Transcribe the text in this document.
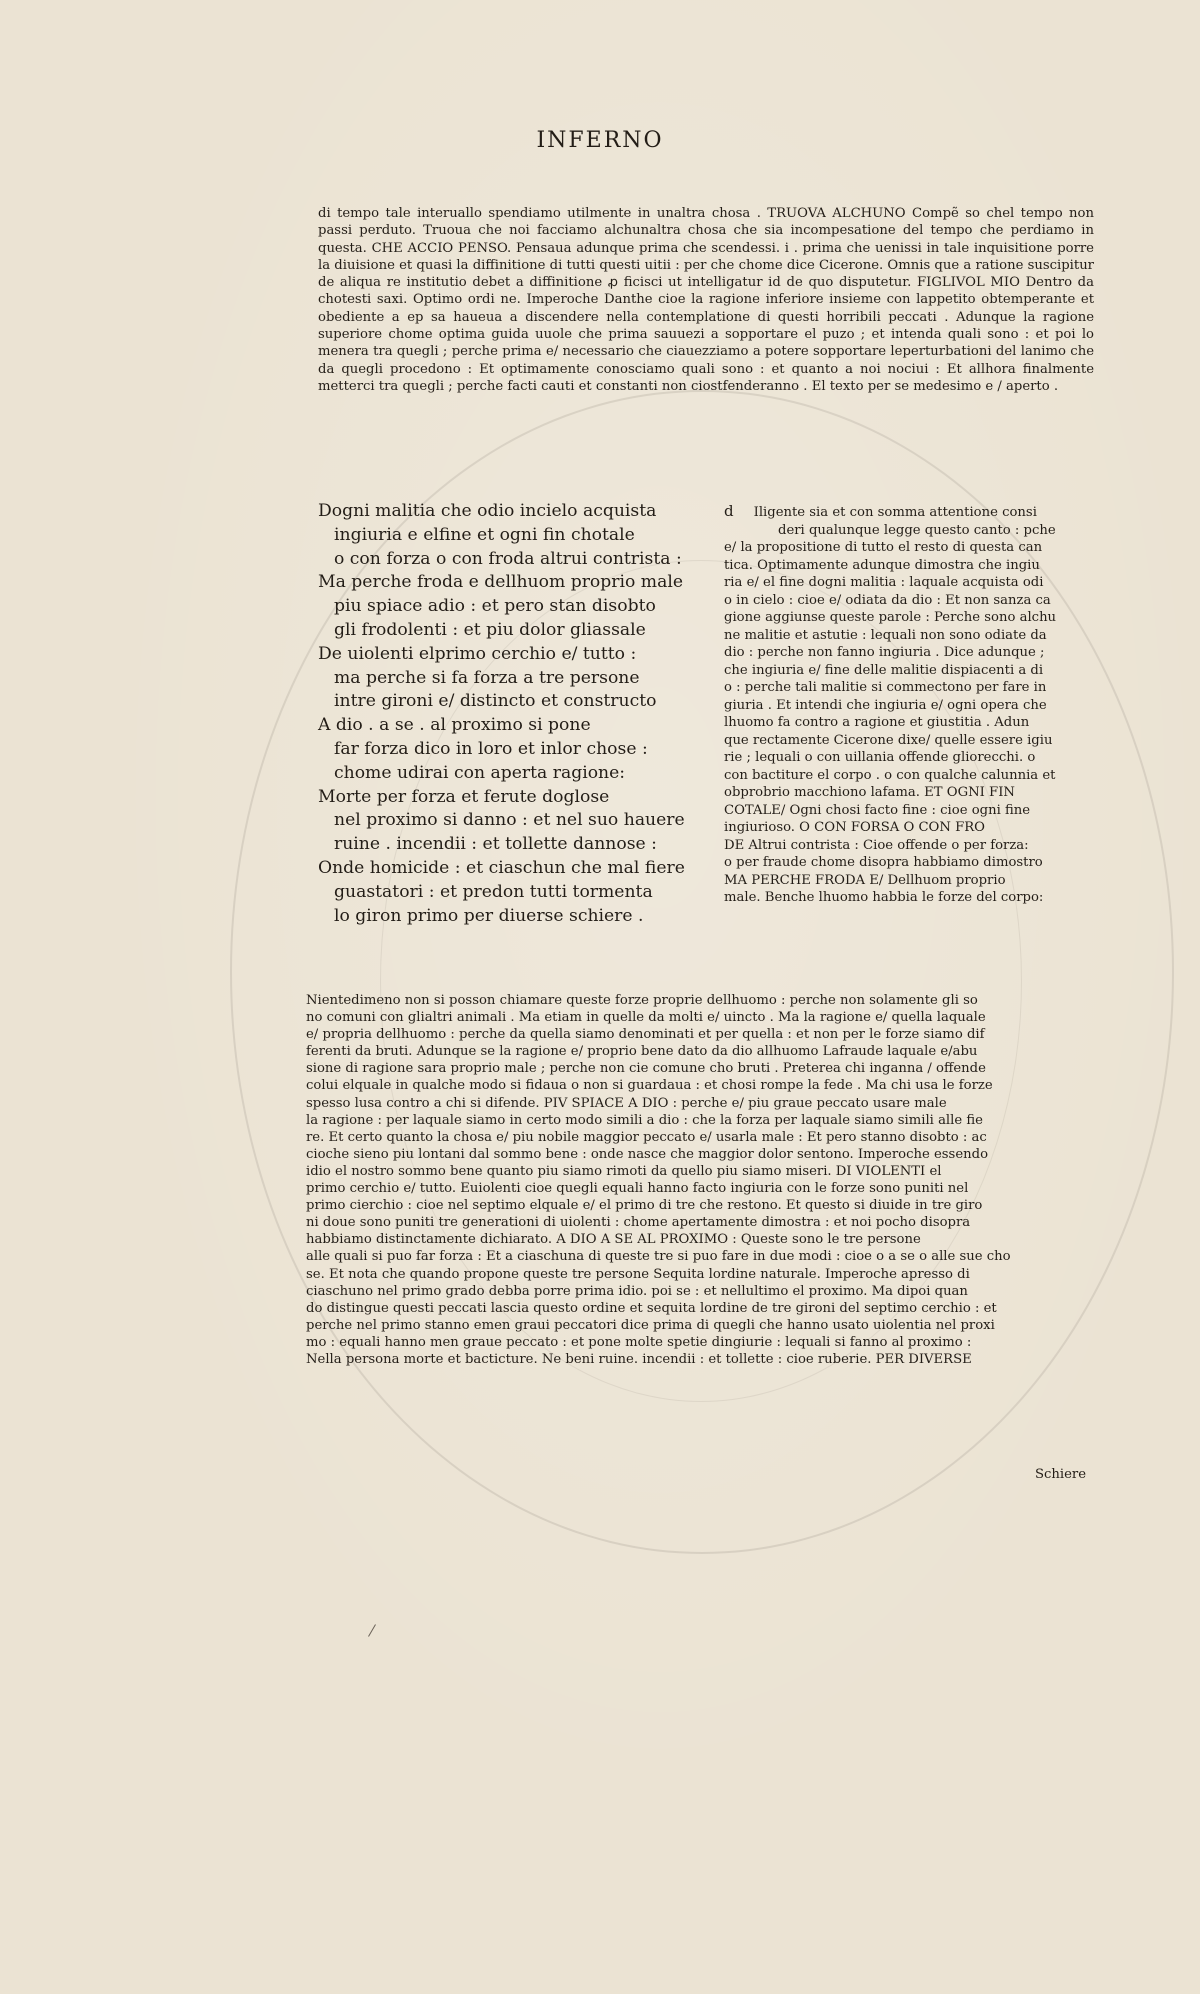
INFERNO
di tempo tale interuallo spendiamo utilmente in unaltra chosa . TRUOVA ALCHUNO Compẽ so chel tempo non passi perduto. Truoua che noi facciamo alchunaltra chosa che sia incompesatione del tempo che perdiamo in questa. CHE ACCIO PENSO. Pensaua adunque prima che scendessi. i . prima che uenissi in tale inquisitione porre la diuisione et quasi la diffinitione di tutti questi uitii : per che chome dice Cicerone. Omnis que a ratione suscipitur de aliqua re institutio debet a diffinitione ꝓ ficisci ut intelligatur id de quo disputetur. FIGLIVOL MIO Dentro da chotesti saxi. Optimo ordi ne. Imperoche Danthe cioe la ragione inferiore insieme con lappetito obtemperante et obediente a ep sa haueua a discendere nella contemplatione di questi horribili peccati . Adunque la ragione superiore chome optima guida uuole che prima sauuezi a sopportare el puzo ; et intenda quali sono : et poi lo menera tra quegli ; perche prima e/ necessario che ciauezziamo a potere sopportare leperturbationi del lanimo che da quegli procedono : Et optimamente conosciamo quali sono : et quanto a noi nociui : Et allhora finalmente metterci tra quegli ; perche facti cauti et constanti non ciostfenderanno . El texto per se medesimo e / aperto .
Dogni malitia che odio incielo acquista
ingiuria e elfine et ogni fin chotale
o con forza o con froda altrui contrista :
Ma perche froda e dellhuom proprio male
piu spiace adio : et pero stan disobto
gli frodolenti : et piu dolor gliassale
De uiolenti elprimo cerchio e/ tutto :
ma perche si fa forza a tre persone
intre gironi e/ distincto et constructo
A dio . a se . al proximo si pone
far forza dico in loro et inlor chose :
chome udirai con aperta ragione:
Morte per forza et ferute doglose
nel proximo si danno : et nel suo hauere
ruine . incendii : et tollette dannose :
Onde homicide : et ciaschun che mal fiere
guastatori : et predon tutti tormenta
lo giron primo per diuerse schiere .
d Iligente sia et con somma attentione consi
deri qualunque legge questo canto : pche
e/ la propositione di tutto el resto di questa can
tica. Optimamente adunque dimostra che ingiu
ria e/ el fine dogni malitia : laquale acquista odi
o in cielo : cioe e/ odiata da dio : Et non sanza ca
gione aggiunse queste parole : Perche sono alchu
ne malitie et astutie : lequali non sono odiate da
dio : perche non fanno ingiuria . Dice adunque ;
che ingiuria e/ fine delle malitie dispiacenti a di
o : perche tali malitie si commectono per fare in
giuria . Et intendi che ingiuria e/ ogni opera che
lhuomo fa contro a ragione et giustitia . Adun
que rectamente Cicerone dixe/ quelle essere igiu
rie ; lequali o con uillania offende gliorecchi. o
con bactiture el corpo . o con qualche calunnia et
obprobrio macchiono lafama. ET OGNI FIN
COTALE/ Ogni chosi facto fine : cioe ogni fine
ingiurioso. O CON FORSA O CON FRO
DE Altrui contrista : Cioe offende o per forza:
o per fraude chome disopra habbiamo dimostro
MA PERCHE FRODA E/ Dellhuom proprio
male. Benche lhuomo habbia le forze del corpo:
Nientedimeno non si posson chiamare queste forze proprie dellhuomo : perche non solamente gli so
no comuni con glialtri animali . Ma etiam in quelle da molti e/ uincto . Ma la ragione e/ quella laquale
e/ propria dellhuomo : perche da quella siamo denominati et per quella : et non per le forze siamo dif
ferenti da bruti. Adunque se la ragione e/ proprio bene dato da dio allhuomo Lafraude laquale e/abu
sione di ragione sara proprio male ; perche non cie comune cho bruti . Preterea chi inganna / offende
colui elquale in qualche modo si fidaua o non si guardaua : et chosi rompe la fede . Ma chi usa le forze
spesso lusa contro a chi si difende. PIV SPIACE A DIO : perche e/ piu graue peccato usare male
la ragione : per laquale siamo in certo modo simili a dio : che la forza per laquale siamo simili alle fie
re. Et certo quanto la chosa e/ piu nobile maggior peccato e/ usarla male : Et pero stanno disobto : ac
cioche sieno piu lontani dal sommo bene : onde nasce che maggior dolor sentono. Imperoche essendo
idio el nostro sommo bene quanto piu siamo rimoti da quello piu siamo miseri. DI VIOLENTI el
primo cerchio e/ tutto. Euiolenti cioe quegli equali hanno facto ingiuria con le forze sono puniti nel
primo cierchio : cioe nel septimo elquale e/ el primo di tre che restono. Et questo si diuide in tre giro
ni doue sono puniti tre generationi di uiolenti : chome apertamente dimostra : et noi pocho disopra
habbiamo distinctamente dichiarato. A DIO A SE AL PROXIMO : Queste sono le tre persone
alle quali si puo far forza : Et a ciaschuna di queste tre si puo fare in due modi : cioe o a se o alle sue cho
se. Et nota che quando propone queste tre persone Sequita lordine naturale. Imperoche apresso di
ciaschuno nel primo grado debba porre prima idio. poi se : et nellultimo el proximo. Ma dipoi quan
do distingue questi peccati lascia questo ordine et sequita lordine de tre gironi del septimo cerchio : et
perche nel primo stanno emen graui peccatori dice prima di quegli che hanno usato uiolentia nel proxi
mo : equali hanno men graue peccato : et pone molte spetie dingiurie : lequali si fanno al proximo :
Nella persona morte et bacticture. Ne beni ruine. incendii : et tollette : cioe ruberie. PER DIVERSE
Schiere
